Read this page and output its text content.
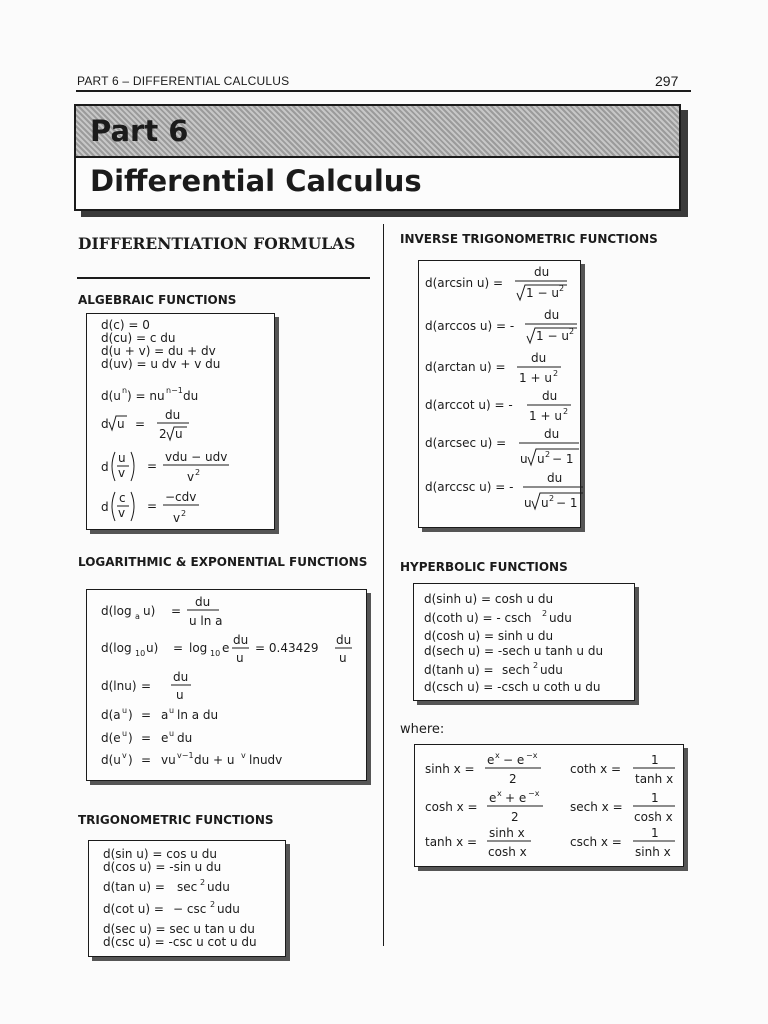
PART 6 – DIFFERENTIAL CALCULUS	297
Part 6
Differential Calculus
DIFFERENTIATION FORMULAS
ALGEBRAIC FUNCTIONS
d(c) = 0
d(cu) = c du
d(u + v) = du + dv
d(uv) = u dv + v du
d(u n ) = nu n−1 du
d u =
du
2 u
d
u
v =
vdu − udv
v 2
d
c
v =
−cdv
v 2
LOGARITHMIC & EXPONENTIAL FUNCTIONS
d(log a u) =
du
u ln a
d(log 10 u) = log 10 e
du
u
= 0.43429
du
u
d(lnu) =
du
u
d(a u ) = a u ln a du
d(e u ) = e u du
d(u v ) = vu v−1 du + u v lnudv
TRIGONOMETRIC FUNCTIONS
d(sin u) = cos u du
d(cos u) = -sin u du
d(sec u) = sec u tan u du
d(csc u) = -csc u cot u du
d(tan u) = sec 2 udu
d(cot u) = − csc 2 udu
INVERSE TRIGONOMETRIC FUNCTIONS
d(arcsin u) =
du
1 − u 2
d(arccos u) = -
du
1 − u 2
d(arctan u) =
du
1 + u 2
d(arccot u) = -
du
1 + u 2
d(arcsec u) =
du
u u 2 − 1
d(arccsc u) = -
du
u u 2 − 1
HYPERBOLIC FUNCTIONS
d(sinh u) = cosh u du
d(cosh u) = sinh u du
d(sech u) = -sech u tanh u du
d(csch u) = -csch u coth u du
d(coth u) = - csch 2 udu
d(tanh u) = sech 2 udu
where:
sinh x =
e x − e −x
2
coth x =
1
tanh x
cosh x =
e x + e −x
2
sech x =
1
cosh x
tanh x =
sinh x
cosh x
csch x =
1
sinh x
